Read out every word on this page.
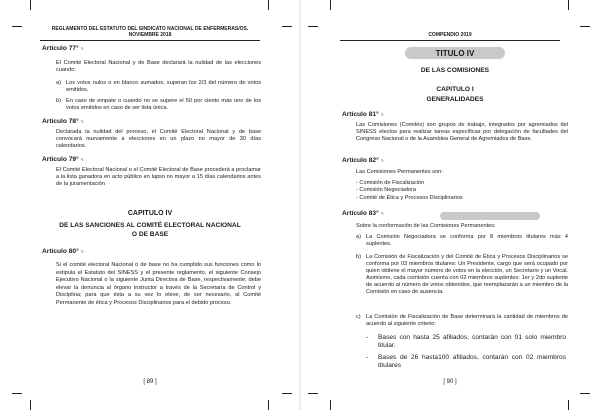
REGLAMENTO DEL ESTATUTO DEL SINDICATO NACIONAL DE ENFERMERAS/OS.
NOVIEMBRE 2018
Artículo 77° ✎
El Comité Electoral Nacional y de Base declarará la nulidad de las elecciones cuando:
a) Los votos nulos o en blanco sumados, superan los 2/3 del número de votos emitidos.
b) En caso de empate o cuando no se supere el 50 por ciento más uno de los votos emitidos en caso de ser lista única.
Artículo 78° ✎
Declarada la nulidad del proceso, el Comité Electoral Nacional y de base convocará nuevamente a elecciones en un plazo no mayor de 30 días calendarios.
Artículo 79° ✎
El Comité Electoral Nacional o el Comité Electoral de Base procederá a proclamar a la lista ganadora en acto público en lapso no mayor a 15 días calendarios antes de la juramentación
CAPITULO IV
DE LAS SANCIONES AL COMITÉ ELECTORAL NACIONAL
O DE BASE
Artículo 80° ✎
Si el comité electoral Nacional o de base no ha cumplido sus funciones como lo estipula el Estatuto del SINESS y el presente reglamento, el siguiente Consejo Ejecutivo Nacional o la siguiente Junta Directiva de Base, respectivamente; debe elevar la denuncia al órgano instructor a través de la Secretaría de Control y Disciplina; para que ésta a su vez lo eleve, de ser necesario, al Comité Permanente de ética y Procesos Disciplinarios para el debido proceso.
[ 89 ]
COMPENDIO 2019
TITULO IV
DE LAS COMISIONES
CAPITULO I
GENERALIDADES
Artículo 81° ✎
Las Comisiones (Comités) son grupos de trabajo, integrados por agremiados del SINESS electos para realizar tareas específicas por delegación de facultades del Congreso Nacional o de la Asamblea General de Agremiados de Base.
Artículo 82° ✎
Las Comisiones Permanentes son:
- Comisión de Fiscalización
- Comisión Negociadora
- Comité de Ética y Procesos Disciplinarios
Artículo 83° ✎
Sobre la conformación de las Comisiones Permanentes:
a) La Comisión Negociadora se conforma por 8 miembros titulares más 4 suplentes.
b) La Comisión de Fiscalización y del Comité de Ética y Procesos Disciplinarios se conforma por 03 miembros titulares: Un Presidente, cargo que será ocupado por quien obtiene el mayor número de votos en la elección, un Secretario y un Vocal. Asimismo, cada comisión cuenta con 02 miembros suplentes: 1er y 2do suplente de acuerdo al número de votos obtenidos, que reemplazarán a un miembro de la Comisión en caso de ausencia.
c) La Comisión de Fiscalización de Base determinará la cantidad de miembros de acuerdo al siguiente criterio:
- Bases con hasta 25 afiliados, contarán con 01 solo miembro titular.
- Bases de 26 hasta100 afiliados, contarán con 02 miembros titulares
[ 90 ]
